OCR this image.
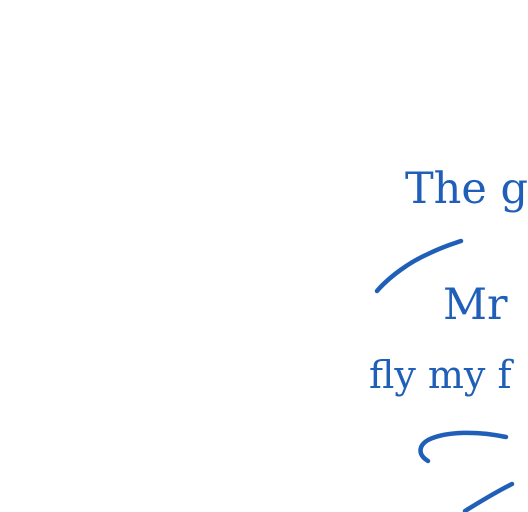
The g

Mr

fly my f
